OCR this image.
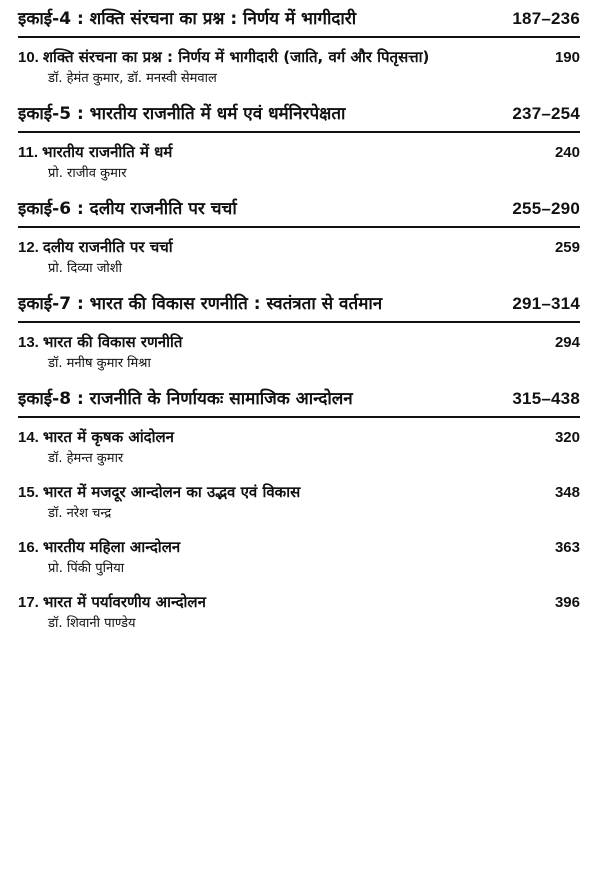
इकाई-4 : शक्ति संरचना का प्रश्न : निर्णय में भागीदारी	187–236
10. शक्ति संरचना का प्रश्न : निर्णय में भागीदारी (जाति, वर्ग और पितृसत्ता)	190
डॉ. हेमंत कुमार, डॉ. मनस्वी सेमवाल
इकाई-5 : भारतीय राजनीति में धर्म एवं धर्मनिरपेक्षता	237–254
11. भारतीय राजनीति में धर्म	240
प्रो. राजीव कुमार
इकाई-6 : दलीय राजनीति पर चर्चा	255–290
12. दलीय राजनीति पर चर्चा	259
प्रो. दिव्या जोशी
इकाई-7 : भारत की विकास रणनीति : स्वतंत्रता से वर्तमान	291–314
13. भारत की विकास रणनीति	294
डॉ. मनीष कुमार मिश्रा
इकाई-8 : राजनीति के निर्णायकः सामाजिक आन्दोलन	315–438
14. भारत में कृषक आंदोलन	320
डॉ. हेमन्त कुमार
15. भारत में मजदूर आन्दोलन का उद्भव एवं विकास	348
डॉ. नरेश चन्द्र
16. भारतीय महिला आन्दोलन	363
प्रो. पिंकी पुनिया
17. भारत में पर्यावरणीय आन्दोलन	396
डॉ. शिवानी पाण्डेय
